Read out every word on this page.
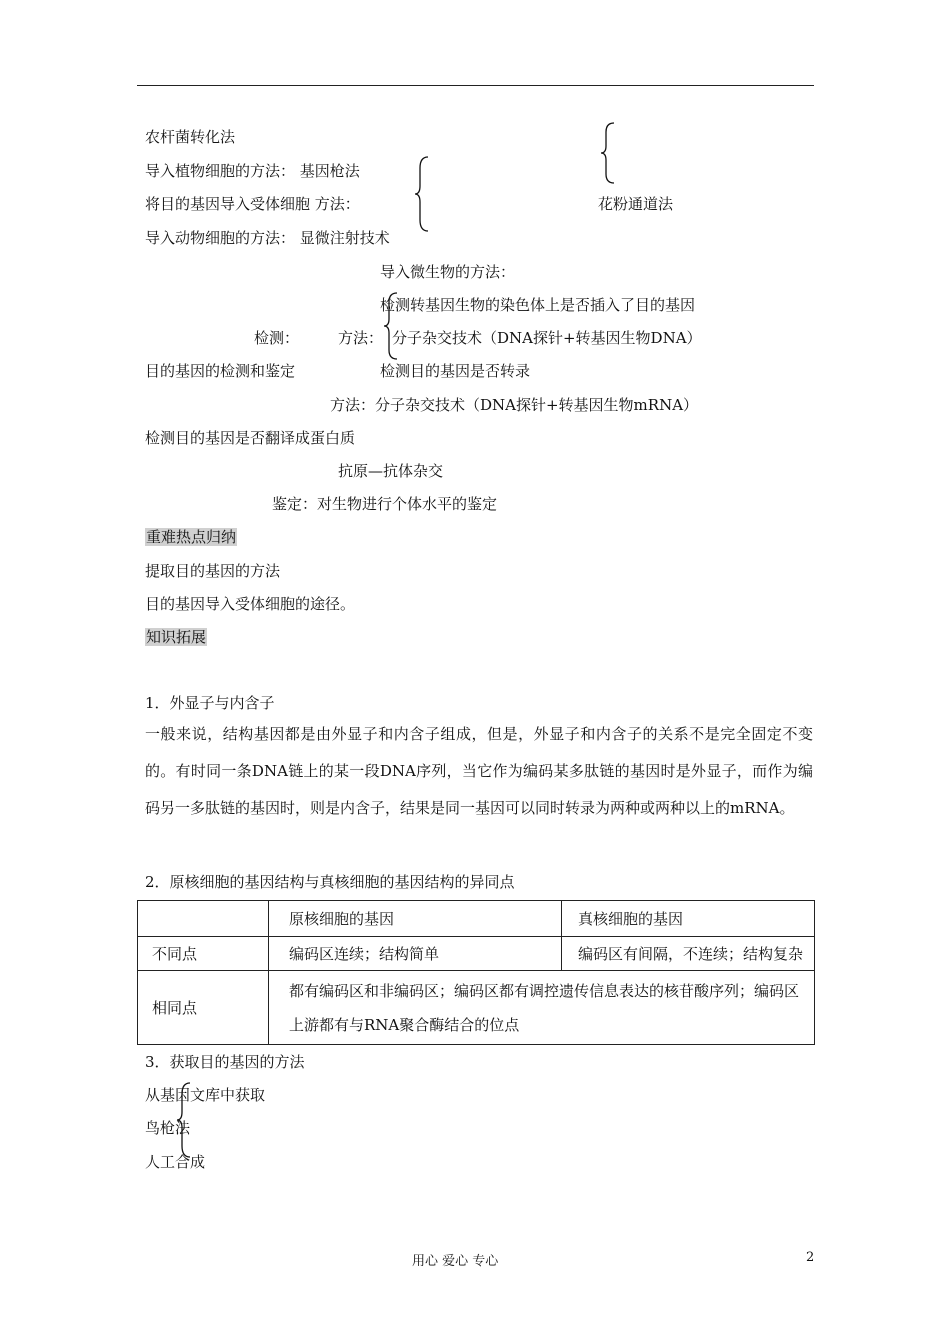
农杆菌转化法
导入植物细胞的方法： 基因枪法
将目的基因导入受体细胞 方法：	花粉通道法
导入动物细胞的方法： 显微注射技术
导入微生物的方法：
检测转基因生物的染色体上是否插入了目的基因
检测：	方法： 分子杂交技术（DNA探针+转基因生物DNA）
目的基因的检测和鉴定	检测目的基因是否转录
方法：分子杂交技术（DNA探针+转基因生物mRNA）
检测目的基因是否翻译成蛋白质
抗原—抗体杂交
鉴定：对生物进行个体水平的鉴定
重难热点归纳
提取目的基因的方法
目的基因导入受体细胞的途径。
知识拓展
1．外显子与内含子
一般来说，结构基因都是由外显子和内含子组成，但是，外显子和内含子的关系不是完全固定不变的。有时同一条DNA链上的某一段DNA序列，当它作为编码某多肽链的基因时是外显子，而作为编码另一多肽链的基因时，则是内含子，结果是同一基因可以同时转录为两种或两种以上的mRNA。
2．原核细胞的基因结构与真核细胞的基因结构的异同点
	原核细胞的基因	真核细胞的基因
不同点	编码区连续；结构简单	编码区有间隔，不连续；结构复杂
相同点	都有编码区和非编码区；编码区都有调控遗传信息表达的核苷酸序列；编码区上游都有与RNA聚合酶结合的位点	
3．获取目的基因的方法
从基因文库中获取
鸟枪法
人工合成
用心 爱心 专心	2
